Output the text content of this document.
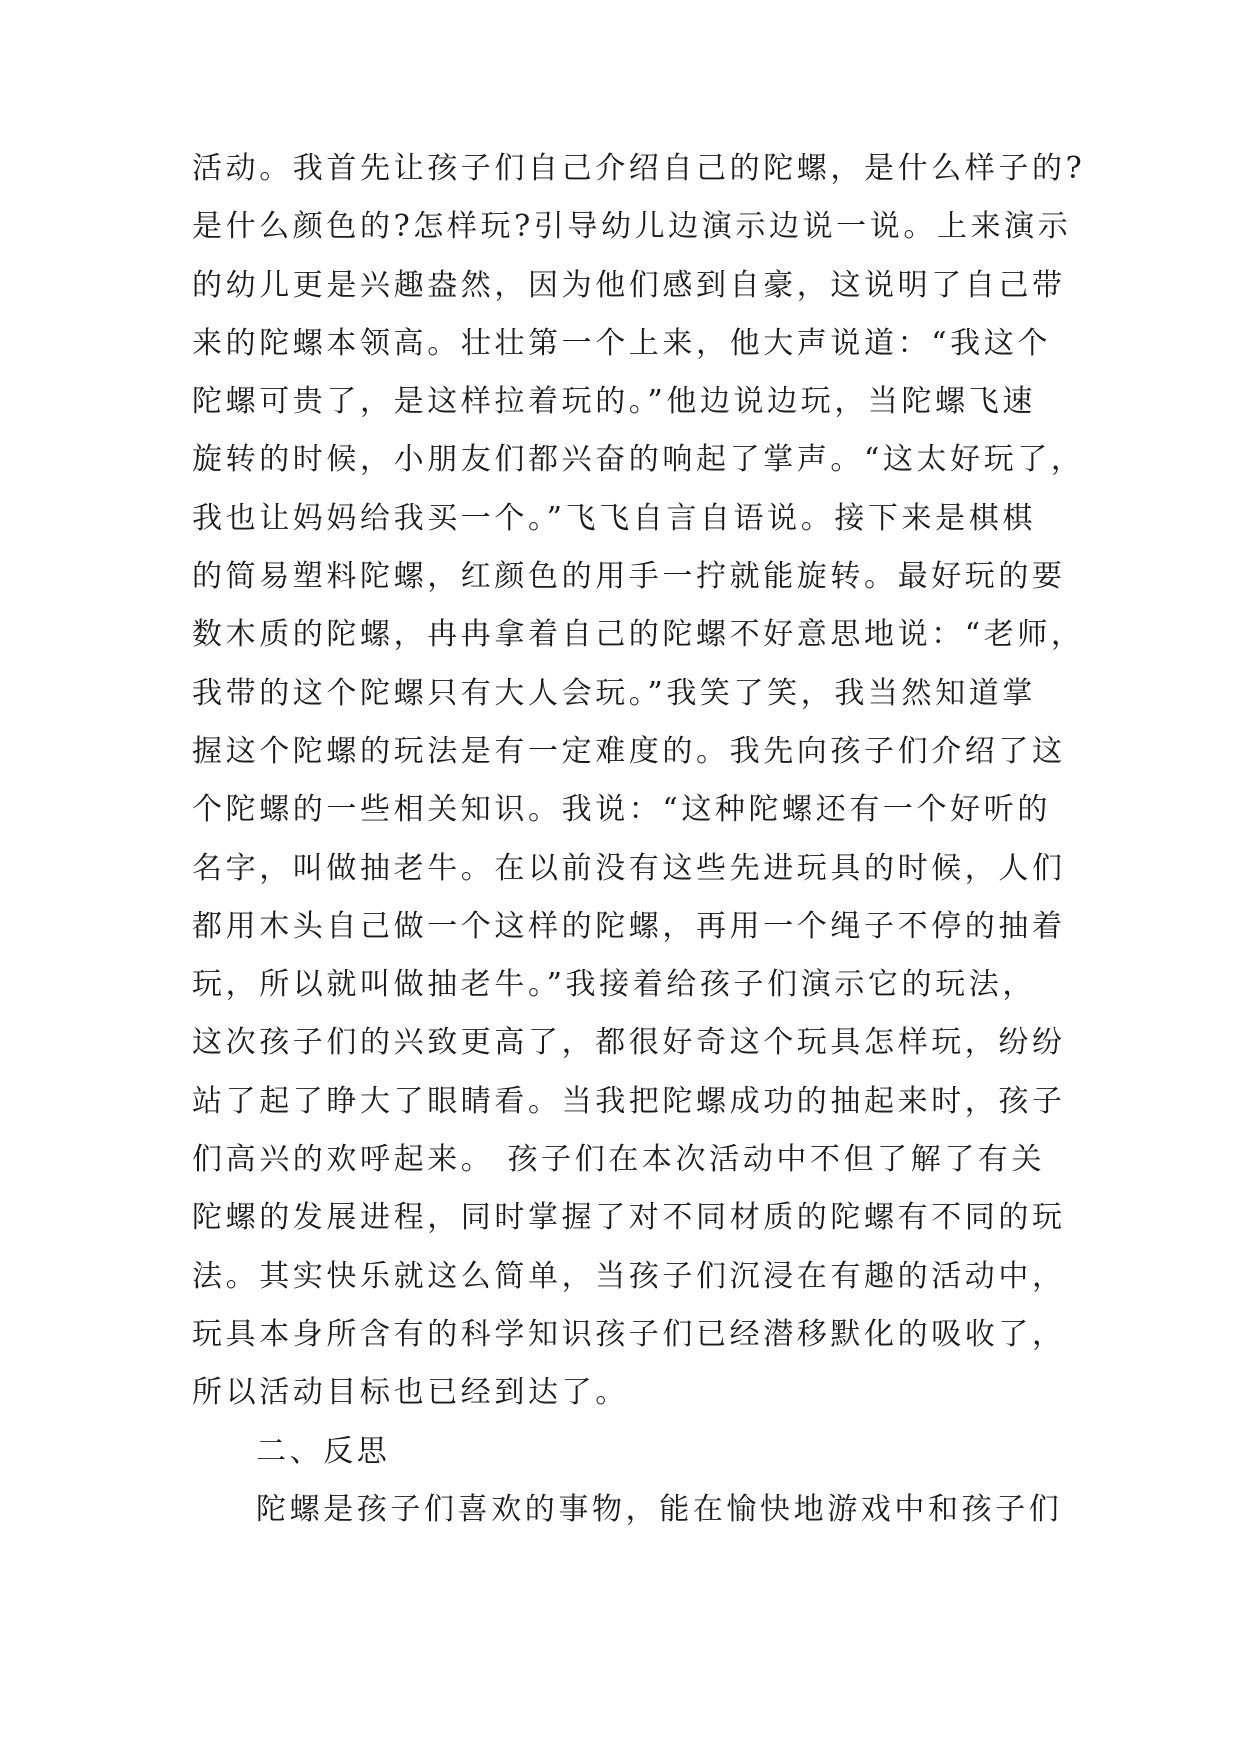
活动。我首先让孩子们自己介绍自己的陀螺，是什么样子的?
是什么颜色的?怎样玩?引导幼儿边演示边说一说。上来演示
的幼儿更是兴趣盎然，因为他们感到自豪，这说明了自己带
来的陀螺本领高。壮壮第一个上来，他大声说道：“我这个
陀螺可贵了，是这样拉着玩的。”他边说边玩，当陀螺飞速
旋转的时候，小朋友们都兴奋的响起了掌声。“这太好玩了，
我也让妈妈给我买一个。”飞飞自言自语说。接下来是棋棋
的简易塑料陀螺，红颜色的用手一拧就能旋转。最好玩的要
数木质的陀螺，冉冉拿着自己的陀螺不好意思地说：“老师，
我带的这个陀螺只有大人会玩。”我笑了笑，我当然知道掌
握这个陀螺的玩法是有一定难度的。我先向孩子们介绍了这
个陀螺的一些相关知识。我说：“这种陀螺还有一个好听的
名字，叫做抽老牛。在以前没有这些先进玩具的时候，人们
都用木头自己做一个这样的陀螺，再用一个绳子不停的抽着
玩，所以就叫做抽老牛。”我接着给孩子们演示它的玩法，
这次孩子们的兴致更高了，都很好奇这个玩具怎样玩，纷纷
站了起了睁大了眼睛看。当我把陀螺成功的抽起来时，孩子
们高兴的欢呼起来。 孩子们在本次活动中不但了解了有关
陀螺的发展进程，同时掌握了对不同材质的陀螺有不同的玩
法。其实快乐就这么简单，当孩子们沉浸在有趣的活动中，
玩具本身所含有的科学知识孩子们已经潜移默化的吸收了，
所以活动目标也已经到达了。
二、反思
陀螺是孩子们喜欢的事物，能在愉快地游戏中和孩子们
